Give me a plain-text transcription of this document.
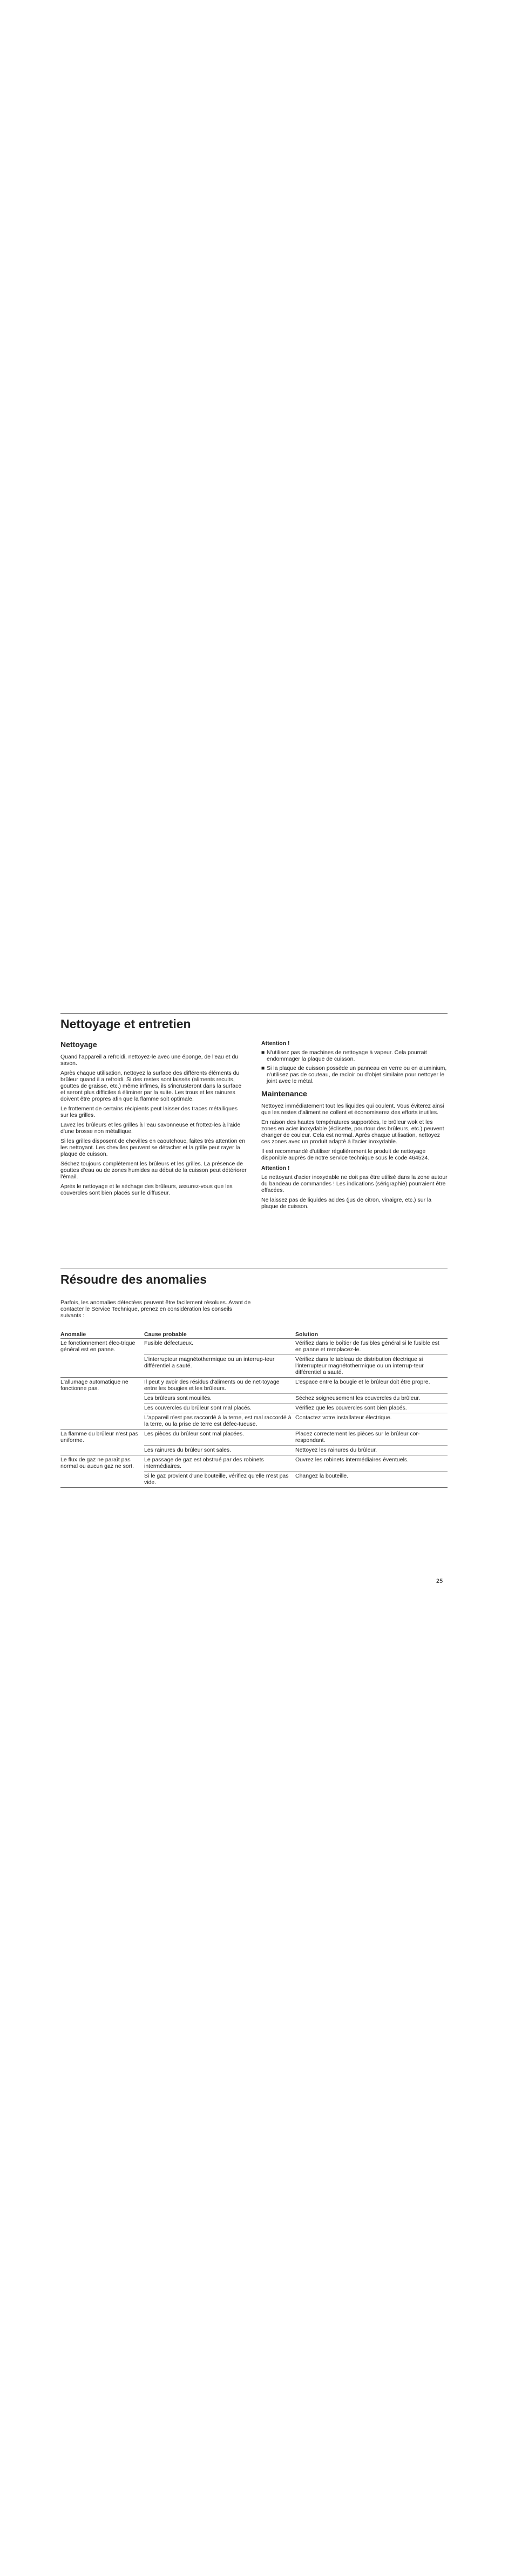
Nettoyage et entretien
Nettoyage

Quand l'appareil a refroidi, nettoyez-le avec une éponge, de l'eau et du savon.

Après chaque utilisation, nettoyez la surface des différents éléments du brûleur quand il a refroidi. Si des restes sont laissés (aliments recuits, gouttes de graisse, etc.) même infimes, ils s'incrusteront dans la surface et seront plus difficiles à éliminer par la suite. Les trous et les rainures doivent être propres afin que la flamme soit optimale.

Le frottement de certains récipients peut laisser des traces métalliques sur les grilles.

Lavez les brûleurs et les grilles à l'eau savonneuse et frottez-les à l'aide d'une brosse non métallique.

Si les grilles disposent de chevilles en caoutchouc, faites très attention en les nettoyant. Les chevilles peuvent se détacher et la grille peut rayer la plaque de cuisson.

Séchez toujours complètement les brûleurs et les grilles. La présence de gouttes d'eau ou de zones humides au début de la cuisson peut détériorer l'émail.

Après le nettoyage et le séchage des brûleurs, assurez-vous que les couvercles sont bien placés sur le diffuseur.

Attention !
■ N'utilisez pas de machines de nettoyage à vapeur. Cela pourrait endommager la plaque de cuisson.
■ Si la plaque de cuisson possède un panneau en verre ou en aluminium, n'utilisez pas de couteau, de racloir ou d'objet similaire pour nettoyer le joint avec le métal.
Maintenance

Nettoyez immédiatement tout les liquides qui coulent. Vous éviterez ainsi que les restes d'aliment ne collent et économiserez des efforts inutiles.

En raison des hautes températures supportées, le brûleur wok et les zones en acier inoxydable (éclisette, pourtour des brûleurs, etc.) peuvent changer de couleur. Cela est normal. Après chaque utilisation, nettoyez ces zones avec un produit adapté à l'acier inoxydable.

Il est recommandé d'utiliser régulièrement le produit de nettoyage disponible auprès de notre service technique sous le code 464524.

Attention !

Le nettoyant d'acier inoxydable ne doit pas être utilisé dans la zone autour du bandeau de commandes ! Les indications (sérigraphie) pourraient être effacées.

Ne laissez pas de liquides acides (jus de citron, vinaigre, etc.) sur la plaque de cuisson.

Résoudre des anomalies

Parfois, les anomalies détectées peuvent être facilement résolues. Avant de contacter le Service Technique, prenez en considération les conseils suivants :

Anomalie	Cause probable	Solution
Le fonctionnement élec-trique général est en panne.	Fusible défectueux.	Vérifiez dans le boîtier de fusibles général si le fusible est en panne et remplacez-le.
	L'interrupteur magnétothermique ou un interrup-teur différentiel a sauté.	Vérifiez dans le tableau de distribution électrique si l'interrupteur magnétothermique ou un interrup-teur différentiel a sauté.
L'allumage automatique ne fonctionne pas.	Il peut y avoir des résidus d'aliments ou de net-toyage entre les bougies et les brûleurs.	L'espace entre la bougie et le brûleur doit être propre.
	Les brûleurs sont mouillés.	Séchez soigneusement les couvercles du brûleur.
	Les couvercles du brûleur sont mal placés.	Vérifiez que les couvercles sont bien placés.
	L'appareil n'est pas raccordé à la terne, est mal raccordé à la terre, ou la prise de terre est défec-tueuse.	Contactez votre installateur électrique.
La flamme du brûleur n'est pas uniforme.	Les pièces du brûleur sont mal placées.	Placez correctement les pièces sur le brûleur cor-respondant.
	Les rainures du brûleur sont sales.	Nettoyez les rainures du brûleur.
Le flux de gaz ne paraît pas normal ou aucun gaz ne sort.	Le passage de gaz est obstrué par des robinets intermédiaires.	Ouvrez les robinets intermédiaires éventuels.
	Si le gaz provient d'une bouteille, vérifiez qu'elle n'est pas vide.	Changez la bouteille.
25
